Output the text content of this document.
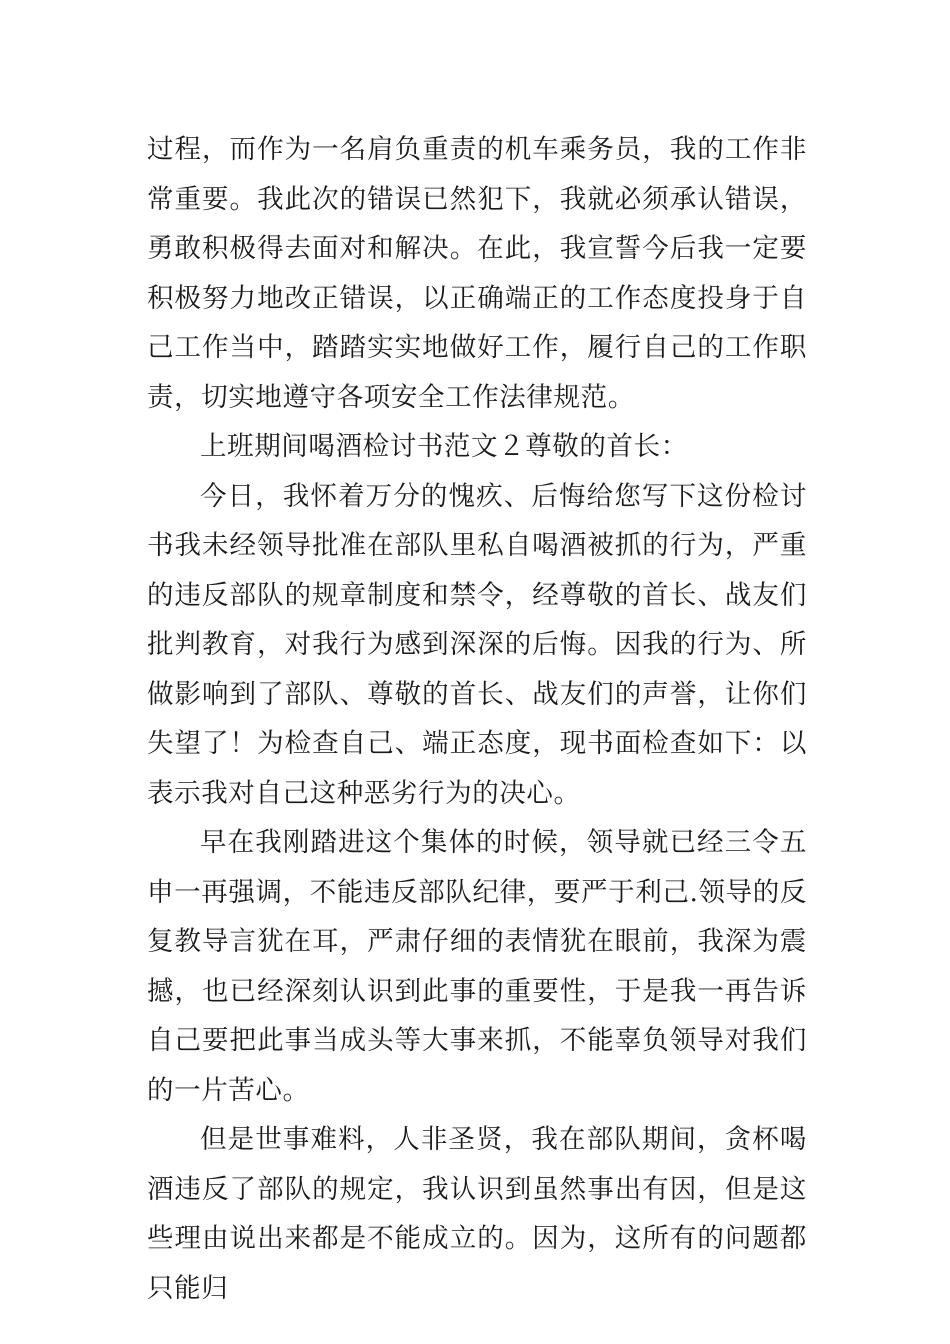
过程，而作为一名肩负重责的机车乘务员，我的工作非常重要。我此次的错误已然犯下，我就必须承认错误，勇敢积极得去面对和解决。在此，我宣誓今后我一定要积极努力地改正错误，以正确端正的工作态度投身于自己工作当中，踏踏实实地做好工作，履行自己的工作职责，切实地遵守各项安全工作法律规范。

上班期间喝酒检讨书范文２尊敬的首长：

今日，我怀着万分的愧疚、后悔给您写下这份检讨书我未经领导批准在部队里私自喝酒被抓的行为，严重的违反部队的规章制度和禁令，经尊敬的首长、战友们批判教育，对我行为感到深深的后悔。因我的行为、所做影响到了部队、尊敬的首长、战友们的声誉，让你们失望了！为检查自己、端正态度，现书面检查如下：以表示我对自己这种恶劣行为的决心。

早在我刚踏进这个集体的时候，领导就已经三令五申一再强调，不能违反部队纪律，要严于利己.领导的反复教导言犹在耳，严肃仔细的表情犹在眼前，我深为震撼，也已经深刻认识到此事的重要性，于是我一再告诉自己要把此事当成头等大事来抓，不能辜负领导对我们的一片苦心。

但是世事难料，人非圣贤，我在部队期间，贪杯喝酒违反了部队的规定，我认识到虽然事出有因，但是这些理由说出来都是不能成立的。因为，这所有的问题都只能归
